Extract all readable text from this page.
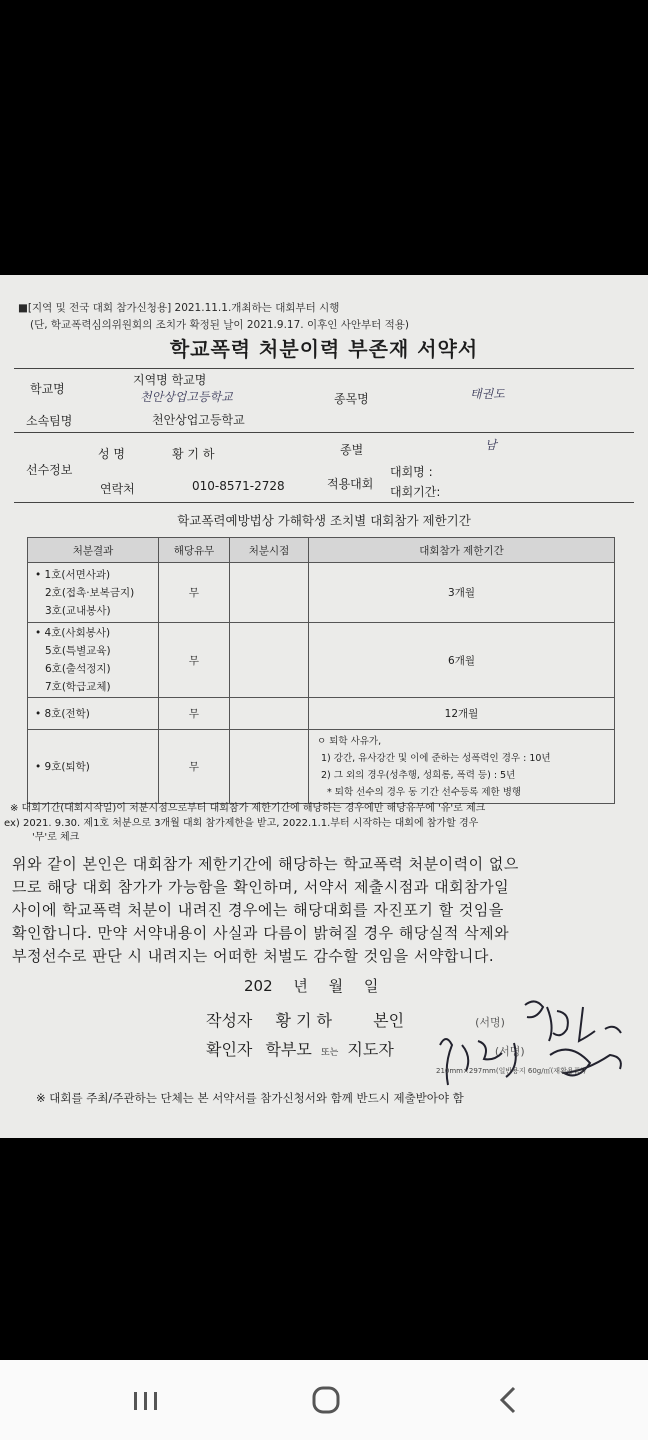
■[지역 및 전국 대회 참가신청용] 2021.11.1.개최하는 대회부터 시행
(단, 학교폭력심의위원회의 조치가 확정된 날이 2021.9.17. 이후인 사안부터 적용)
학교폭력 처분이력 부존재 서약서
학교명
지역명 학교명
천안상업고등학교	종목명	태권도
소속팀명	천안상업고등학교
선수정보
성 명	황 기 하	종별	남
연락처	010-8571-2728	적용대회
대회명 :
대회기간:
학교폭력예방법상 가해학생 조치별 대회참가 제한기간
처분결과	해당유무	처분시점	대회참가 제한기간

• 1호(서면사과)
2호(접촉·보복금지)
3호(교내봉사)	무		3개월

• 4호(사회봉사)
5호(특별교육)
6호(출석정지)
7호(학급교체)	무		6개월

• 8호(전학)	무		12개월

• 9호(퇴학)	무		ㅇ 퇴학 사유가,
1) 강간, 유사강간 및 이에 준하는 성폭력인 경우 : 10년
2) 그 외의 경우(성추행, 성희롱, 폭력 등) : 5년
* 퇴학 선수의 경우 동 기간 선수등록 제한 병행
※ 대회기간(대회시작일)이 처분시점으로부터 대회참가 제한기간에 해당하는 경우에만 해당유무에 '유'로 체크
ex) 2021. 9.30. 제1호 처분으로 3개월 대회 참가제한을 받고, 2022.1.1.부터 시작하는 대회에 참가할 경우
'무'로 체크
위와 같이 본인은 대회참가 제한기간에 해당하는 학교폭력 처분이력이 없으
므로 해당 대회 참가가 가능함을 확인하며, 서약서 제출시점과 대회참가일
사이에 학교폭력 처분이 내려진 경우에는 해당대회를 자진포기 할 것임을
확인합니다. 만약 서약내용이 사실과 다름이 밝혀질 경우 해당실적 삭제와
부정선수로 판단 시 내려지는 어떠한 처벌도 감수할 것임을 서약합니다.
202 년 월 일
작성자 황 기 하	본인	(서명)
확인자 학부모 또는 지도자	(서명)
210mm×297mm(일반용지 60g/㎡(재활용품))
※ 대회를 주최/주관하는 단체는 본 서약서를 참가신청서와 함께 반드시 제출받아야 함
